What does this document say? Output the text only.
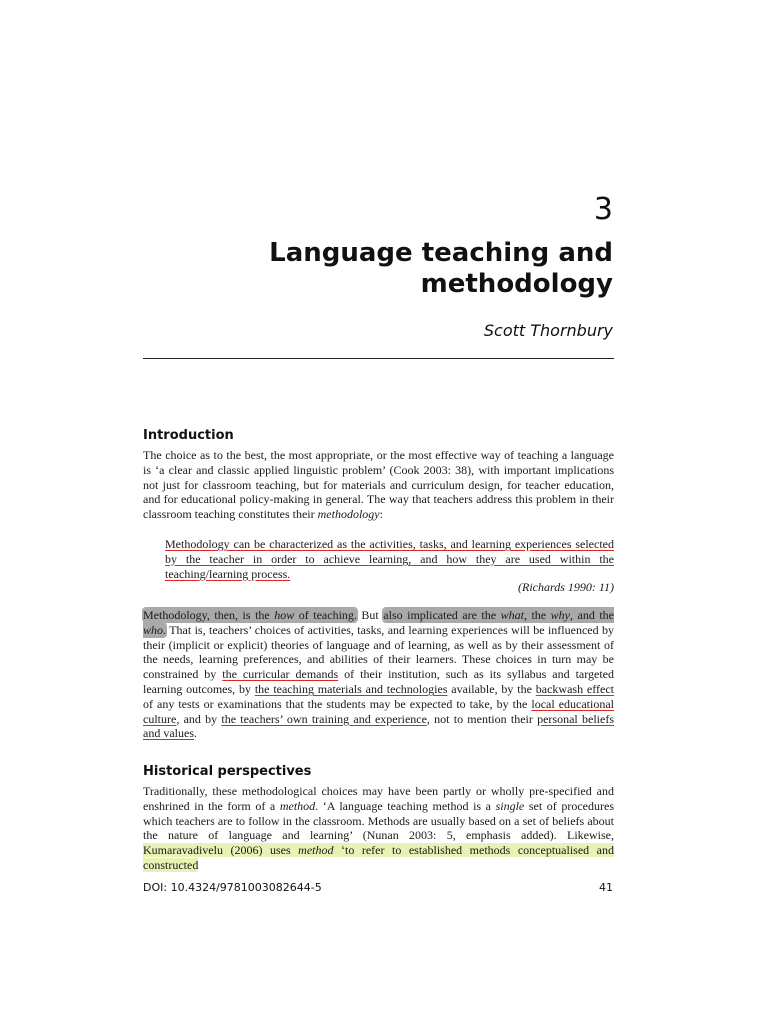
3
Language teaching and
methodology
Scott Thornbury
Introduction

The choice as to the best, the most appropriate, or the most effective way of teaching a language is ‘a clear and classic applied linguistic problem’ (Cook 2003: 38), with important implications not just for classroom teaching, but for materials and curriculum design, for teacher education, and for educational policy-making in general. The way that teachers address this problem in their classroom teaching constitutes their methodology:

Methodology can be characterized as the activities, tasks, and learning experiences selected by the teacher in order to achieve learning, and how they are used within the teaching/learning process.

(Richards 1990: 11)

Methodology, then, is the how of teaching. But also implicated are the what, the why, and the who. That is, teachers’ choices of activities, tasks, and learning experiences will be influenced by their (implicit or explicit) theories of language and of learning, as well as by their assessment of the needs, learning preferences, and abilities of their learners. These choices in turn may be constrained by the curricular demands of their institution, such as its syllabus and targeted learning outcomes, by the teaching materials and technologies available, by the backwash effect of any tests or examinations that the students may be expected to take, by the local educational culture, and by the teachers’ own training and experience, not to mention their personal beliefs and values.

Historical perspectives

Traditionally, these methodological choices may have been partly or wholly pre-specified and enshrined in the form of a method. ‘A language teaching method is a single set of procedures which teachers are to follow in the classroom. Methods are usually based on a set of beliefs about the nature of language and learning’ (Nunan 2003: 5, emphasis added). Likewise, Kumaravadivelu (2006) uses method ‘to refer to established methods conceptualised and constructed

DOI: 10.4324/9781003082644-5	41
